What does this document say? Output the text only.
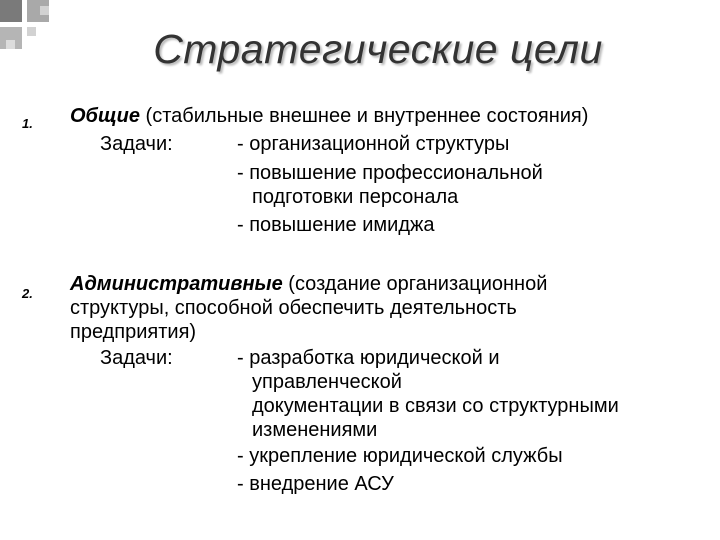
Стратегические цели
1. Общие (стабильные внешнее и внутреннее состояния)
Задачи:	- организационной структуры
- повышение профессиональной
подготовки персонала
- повышение имиджа
2. Административные (создание организационной
структуры, способной обеспечить деятельность
предприятия)
Задачи:	- разработка юридической и
управленческой
документации в связи со структурными
изменениями
- укрепление юридической службы
- внедрение АСУ
